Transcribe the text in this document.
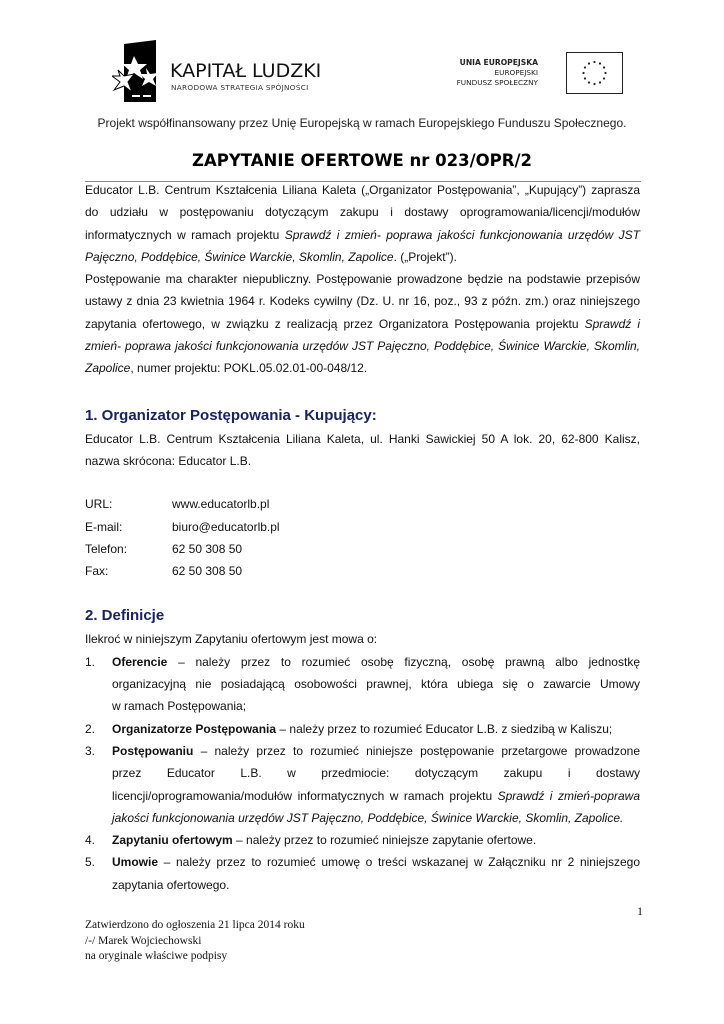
KAPITAŁ LUDZKI
NARODOWA STRATEGIA SPÓJNOŚCI
UNIA EUROPEJSKA
EUROPEJSKI
FUNDUSZ SPOŁECZNY
Projekt współfinansowany przez Unię Europejską w ramach Europejskiego Funduszu Społecznego.
ZAPYTANIE OFERTOWE nr 023/OPR/2
Educator L.B. Centrum Kształcenia Liliana Kaleta („Organizator Postępowania”, „Kupujący”) zaprasza
do udziału w postępowaniu dotyczącym zakupu i dostawy oprogramowania/licencji/modułów
informatycznych w ramach projektu Sprawdź i zmień- poprawa jakości funkcjonowania urzędów JST
Pajęczno, Poddębice, Świnice Warckie, Skomlin, Zapolice. („Projekt”).
Postępowanie ma charakter niepubliczny. Postępowanie prowadzone będzie na podstawie przepisów
ustawy z dnia 23 kwietnia 1964 r. Kodeks cywilny (Dz. U. nr 16, poz., 93 z późn. zm.) oraz niniejszego
zapytania ofertowego, w związku z realizacją przez Organizatora Postępowania projektu Sprawdź i
zmień- poprawa jakości funkcjonowania urzędów JST Pajęczno, Poddębice, Świnice Warckie, Skomlin,
Zapolice, numer projektu: POKL.05.02.01-00-048/12.
1. Organizator Postępowania - Kupujący:
Educator L.B. Centrum Kształcenia Liliana Kaleta, ul. Hanki Sawickiej 50 A lok. 20, 62-800 Kalisz,
nazwa skrócona: Educator L.B.
URL:	www.educatorlb.pl
E-mail:	biuro@educatorlb.pl
Telefon:	62 50 308 50
Fax:	62 50 308 50
2. Definicje
Ilekroć w niniejszym Zapytaniu ofertowym jest mowa o:
1.	Oferencie – należy przez to rozumieć osobę fizyczną, osobę prawną albo jednostkę
organizacyjną nie posiadającą osobowości prawnej, która ubiega się o zawarcie Umowy
w ramach Postępowania;
2.	Organizatorze Postępowania – należy przez to rozumieć Educator L.B. z siedzibą w Kaliszu;
3.	Postępowaniu – należy przez to rozumieć niniejsze postępowanie przetargowe prowadzone
przez Educator L.B. w przedmiocie: dotyczącym zakupu i dostawy
licencji/oprogramowania/modułów informatycznych w ramach projektu Sprawdź i zmień-poprawa
jakości funkcjonowania urzędów JST Pajęczno, Poddębice, Świnice Warckie, Skomlin, Zapolice.
4.	Zapytaniu ofertowym – należy przez to rozumieć niniejsze zapytanie ofertowe.
5.	Umowie – należy przez to rozumieć umowę o treści wskazanej w Załączniku nr 2 niniejszego
zapytania ofertowego.
1
Zatwierdzono do ogłoszenia 21 lipca 2014 roku
/-/ Marek Wojciechowski
na oryginale właściwe podpisy
